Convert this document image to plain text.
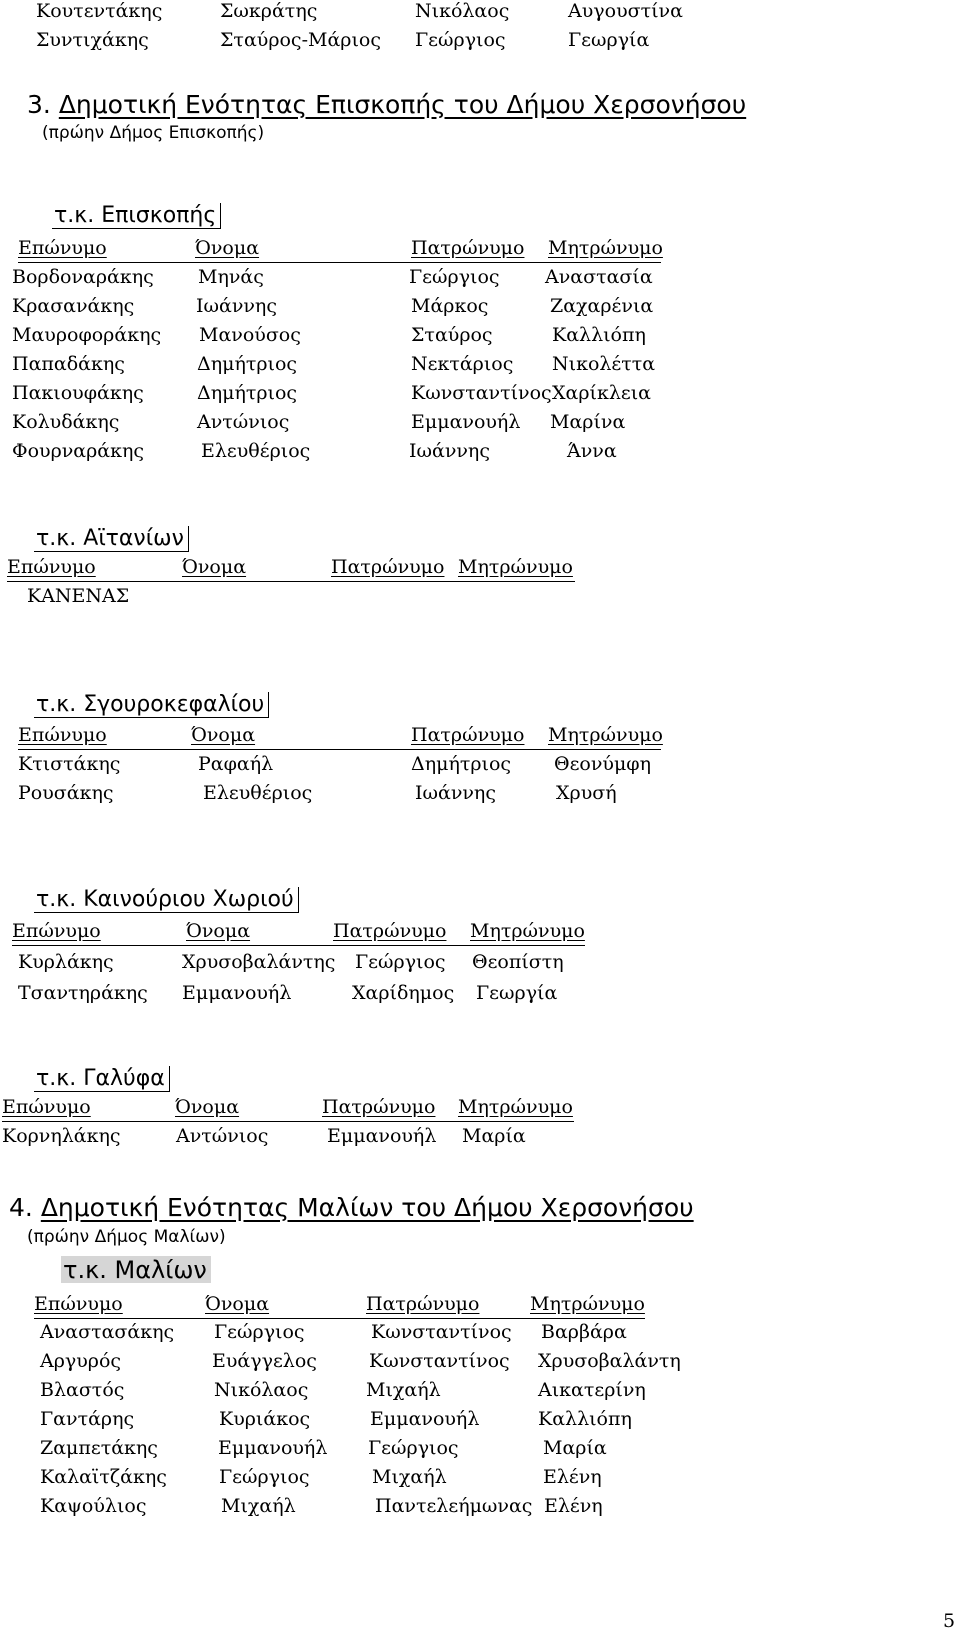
Κουτεντάκης	Σωκράτης	Νικόλαος	Αυγουστίνα
Συντιχάκης	Σταύρος-Μάριος Γεώργιος	Γεωργία
3. Δημοτική Ενότητας Επισκοπής του Δήμου Χερσονήσου
(πρώην Δήμος Επισκοπής)
τ.κ. Επισκοπής
Επώνυμο	Όνομα	Πατρώνυμο Μητρώνυμο
Βορδοναράκης Μηνάς	Γεώργιος Αναστασία
Κρασανάκης	Ιωάννης	Μάρκος	Ζαχαρένια
Μαυροφοράκης Μανούσος	Σταύρος	Καλλιόπη
Παπαδάκης	Δημήτριος	Νεκτάριος Νικολέττα
Πακιουφάκης	Δημήτριος	Κωνσταντίνος Χαρίκλεια
Κολυδάκης	Αντώνιος	Εμμανουήλ Μαρίνα
Φουρναράκης	Ελευθέριος	Ιωάννης	Άννα
τ.κ. Αϊτανίων
Επώνυμο	Όνομα	Πατρώνυμο Μητρώνυμο
ΚΑΝΕΝΑΣ
τ.κ. Σγουροκεφαλίου
Επώνυμο	Όνομα	Πατρώνυμο Μητρώνυμο
Κτιστάκης	Ραφαήλ	Δημήτριος Θεονύμφη
Ρουσάκης	Ελευθέριος	Ιωάννης	Χρυσή
τ.κ. Καινούριου Χωριού
Επώνυμο	Όνομα	Πατρώνυμο Μητρώνυμο
Κυρλάκης	Χρυσοβαλάντης Γεώργιος Θεοπίστη
Τσαντηράκης Εμμανουήλ	Χαρίδημος Γεωργία
τ.κ. Γαλύφα
Επώνυμο	Όνομα	Πατρώνυμο Μητρώνυμο
Κορνηλάκης	Αντώνιος	Εμμανουήλ Μαρία
4. Δημοτική Ενότητας Μαλίων του Δήμου Χερσονήσου
(πρώην Δήμος Μαλίων)
τ.κ. Μαλίων
Επώνυμο	Όνομα	Πατρώνυμο	Μητρώνυμο
Αναστασάκης Γεώργιος	Κωνσταντίνος Βαρβάρα
Αργυρός	Ευάγγελος	Κωνσταντίνος Χρυσοβαλάντη
Βλαστός	Νικόλαος	Μιχαήλ	Αικατερίνη
Γαντάρης	Κυριάκος	Εμμανουήλ	Καλλιόπη
Ζαμπετάκης	Εμμανουήλ Γεώργιος	Μαρία
Καλαϊτζάκης	Γεώργιος	Μιχαήλ	Ελένη
Καψούλιος	Μιχαήλ	Παντελεήμωνας Ελένη
5
